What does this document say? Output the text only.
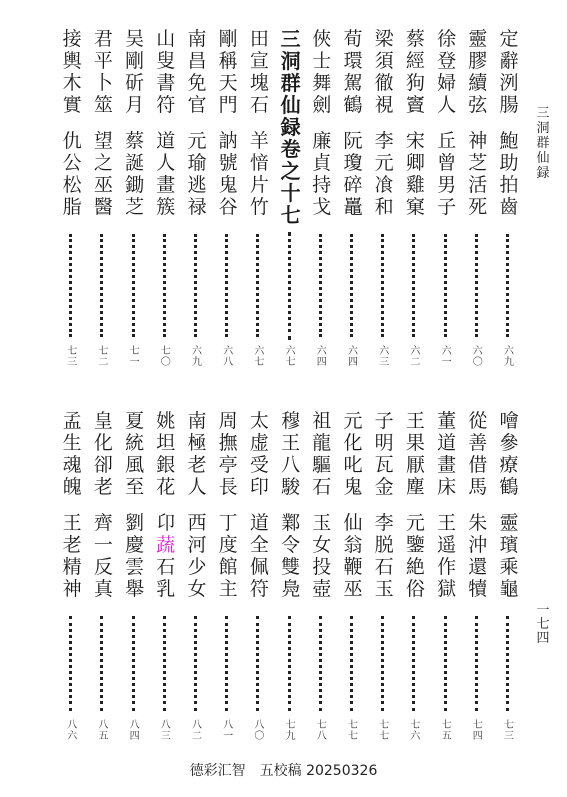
三
洞
群
仙
録
一
七
四
定
辭
洌
腸
鮑
助
拍
齒
六
九
靈
膠
續
弦
神
芝
活
死
六
〇
徐
登
婦
人
丘
曾
男
子
六
一
蔡
經
狗
竇
宋
卿
雞
窠
六
二
梁
須
徹
視
李
元
飡
和
六
三
荀
環
駕
鶴
阮
瓊
碎
鼉
六
四
俠
士
舞
劍
廉
貞
持
戈
六
四
三
洞
群
仙
録
卷
之
十
七
六
七
田
宣
塊
石
羊
愔
片
竹
六
七
剛
稱
天
門
訥
號
鬼
谷
六
八
南
昌
免
官
元
瑜
逃
禄
六
九
山
叟
書
符
道
人
畫
簇
七
〇
吴
剛
斫
月
蔡
誕
鋤
芝
七
一
君
平
卜
筮
望
之
巫
醫
七
二
接
輿
木
實
仇
公
松
脂
七
三
噲
參
療
鶴
靈
璸
乘
龜
七
三
從
善
借
馬
朱
沖
還
犢
七
四
董
道
畫
床
王
遥
作
獄
七
五
王
果
厭
塵
元
鑒
絶
俗
七
六
子
明
瓦
金
李
脱
石
玉
七
七
元
化
叱
鬼
仙
翁
鞭
巫
七
七
祖
龍
驅
石
玉
女
投
壺
七
八
穆
王
八
駿
鄴
令
雙
鳧
七
九
太
虚
受
印
道
全
佩
符
八
〇
周
撫
亭
長
丁
度
館
主
八
一
南
極
老
人
西
河
少
女
八
二
姚
坦
銀
花
卬
蔬
石
乳
八
三
夏
統
風
至
劉
慶
雲
舉
八
四
皇
化
卻
老
齊
一
反
真
八
五
孟
生
魂
魄
王
老
精
神
八
六
德彩汇智　五校稿 20250326
